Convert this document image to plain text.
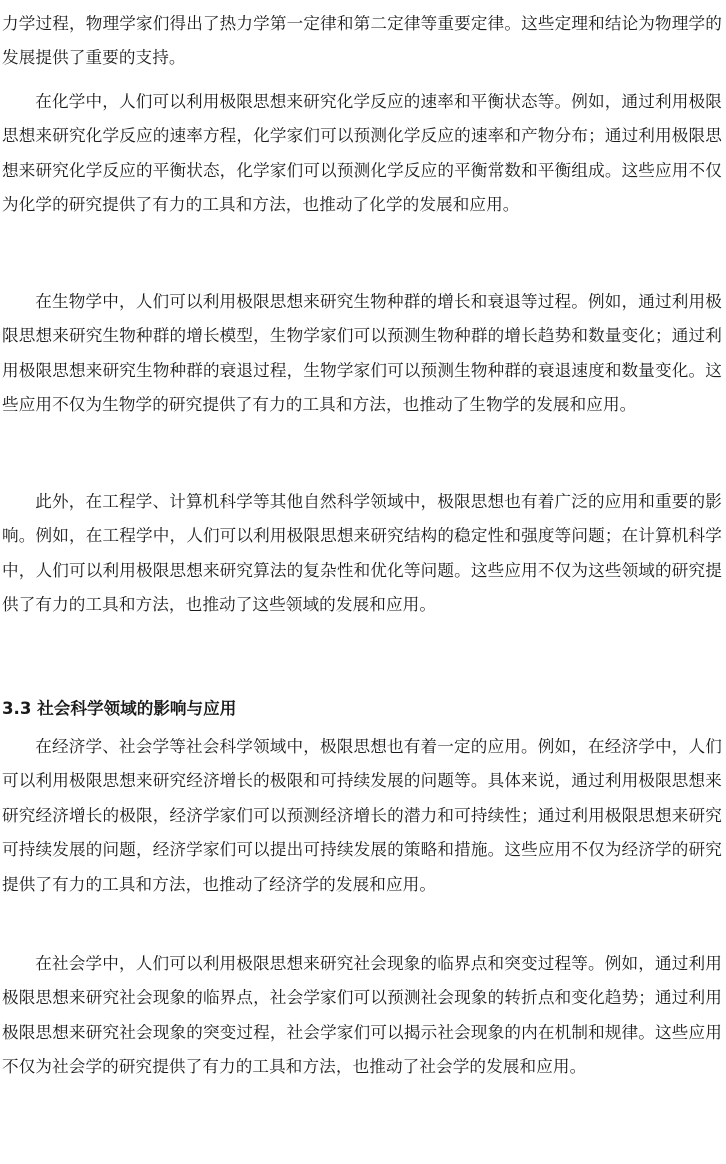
力学过程，物理学家们得出了热力学第一定律和第二定律等重要定律。这些定理和结论为物理学的发展提供了重要的支持。

在化学中，人们可以利用极限思想来研究化学反应的速率和平衡状态等。例如，通过利用极限思想来研究化学反应的速率方程，化学家们可以预测化学反应的速率和产物分布；通过利用极限思想来研究化学反应的平衡状态，化学家们可以预测化学反应的平衡常数和平衡组成。这些应用不仅为化学的研究提供了有力的工具和方法，也推动了化学的发展和应用。

在生物学中，人们可以利用极限思想来研究生物种群的增长和衰退等过程。例如，通过利用极限思想来研究生物种群的增长模型，生物学家们可以预测生物种群的增长趋势和数量变化；通过利用极限思想来研究生物种群的衰退过程，生物学家们可以预测生物种群的衰退速度和数量变化。这些应用不仅为生物学的研究提供了有力的工具和方法，也推动了生物学的发展和应用。

此外，在工程学、计算机科学等其他自然科学领域中，极限思想也有着广泛的应用和重要的影响。例如，在工程学中，人们可以利用极限思想来研究结构的稳定性和强度等问题；在计算机科学中，人们可以利用极限思想来研究算法的复杂性和优化等问题。这些应用不仅为这些领域的研究提供了有力的工具和方法，也推动了这些领域的发展和应用。

3.3 社会科学领域的影响与应用

在经济学、社会学等社会科学领域中，极限思想也有着一定的应用。例如，在经济学中，人们可以利用极限思想来研究经济增长的极限和可持续发展的问题等。具体来说，通过利用极限思想来研究经济增长的极限，经济学家们可以预测经济增长的潜力和可持续性；通过利用极限思想来研究可持续发展的问题，经济学家们可以提出可持续发展的策略和措施。这些应用不仅为经济学的研究提供了有力的工具和方法，也推动了经济学的发展和应用。

在社会学中，人们可以利用极限思想来研究社会现象的临界点和突变过程等。例如，通过利用极限思想来研究社会现象的临界点，社会学家们可以预测社会现象的转折点和变化趋势；通过利用极限思想来研究社会现象的突变过程，社会学家们可以揭示社会现象的内在机制和规律。这些应用不仅为社会学的研究提供了有力的工具和方法，也推动了社会学的发展和应用。
